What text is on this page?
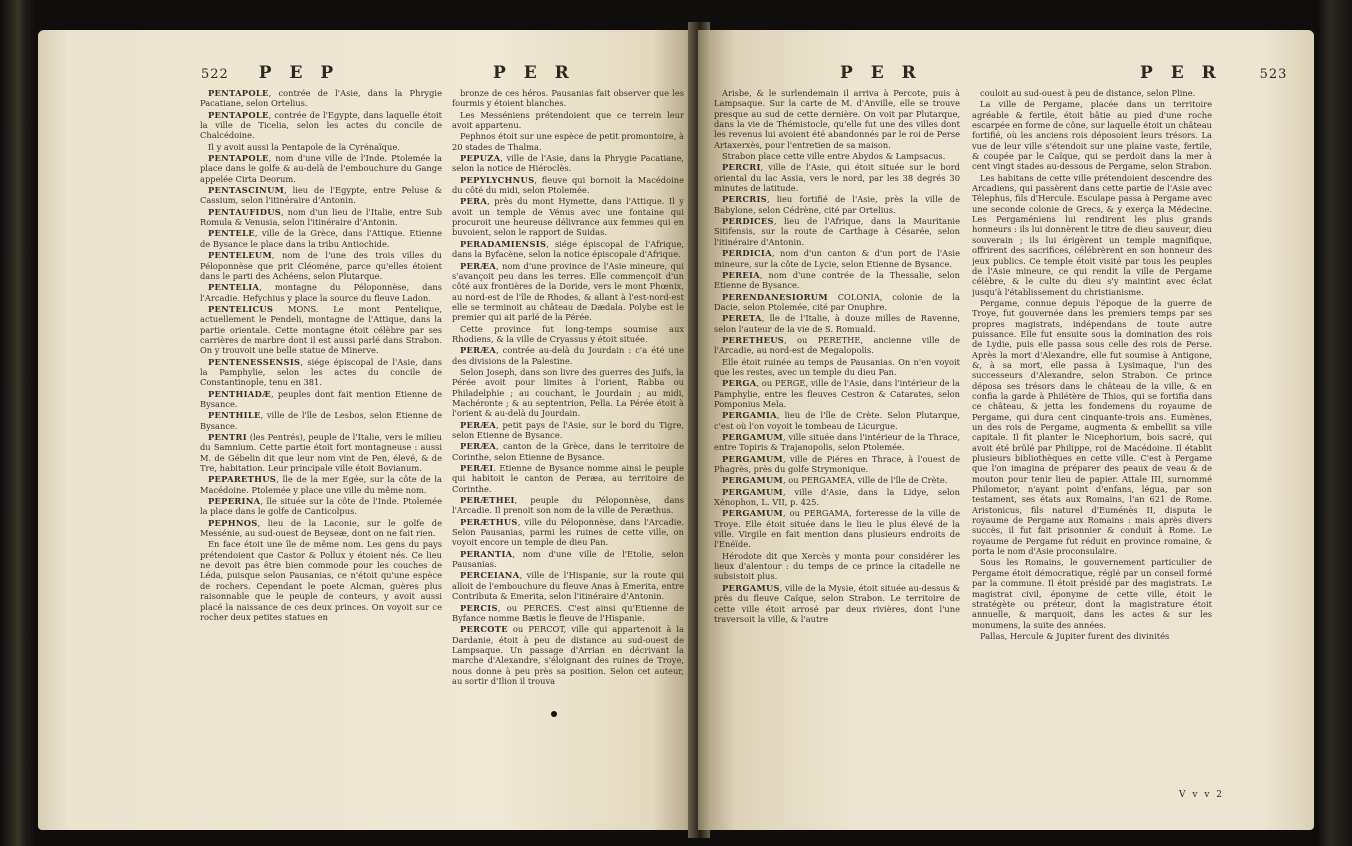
522 P E P	P E R

PENTAPOLE, contrée de l'Asie, dans la Phrygie Pacatiane, selon Ortelius.

PENTAPOLE, contrée de l'Egypte, dans laquelle étoit la ville de Ticelia, selon les actes du concile de Chalcédoine.

Il y avoit aussi la Pentapole de la Cyrénaïque.

PENTAPOLE, nom d'une ville de l'Inde. Ptolemée la place dans le golfe & au-delà de l'embouchure du Gange appelée Cirta Deorum.

PENTASCINUM, lieu de l'Egypte, entre Peluse & Cassium, selon l'itinéraire d'Antonin.

PENTAUFIDUS, nom d'un lieu de l'Italie, entre Sub Romula & Venusia, selon l'itinéraire d'Antonin.

PENTELE, ville de la Grèce, dans l'Attique. Etienne de Bysance le place dans la tribu Antiochide.

PENTELEUM, nom de l'une des trois villes du Péloponnèse que prit Cléoméne, parce qu'elles étoient dans le parti des Achéens, selon Plutarque.

PENTELIA, montagne du Péloponnèse, dans l'Arcadie. Hefychius y place la source du fleuve Ladon.

PENTELICUS MONS. Le mont Pentelique, actuellement le Pendeli, montagne de l'Attique, dans la partie orientale. Cette montagne étoit célèbre par ses carrières de marbre dont il est aussi parlé dans Strabon. On y trouvoit une belle statue de Minerve.

PENTENESSENSIS, siége épiscopal de l'Asie, dans la Pamphylie, selon les actes du concile de Constantinople, tenu en 381.

PENTHIADÆ, peuples dont fait mention Etienne de Bysance.

PENTHILE, ville de l'île de Lesbos, selon Etienne de Bysance.

PENTRI (les Pentrés), peuple de l'Italie, vers le milieu du Samnium. Cette partie étoit fort montagneuse : aussi M. de Gébelin dit que leur nom vint de Pen, élevé, & de Tre, habitation. Leur principale ville étoit Bovianum.

PEPARETHUS, île de la mer Egée, sur la côte de la Macédoine. Ptolemée y place une ville du même nom.

PEPERINA, île située sur la côte de l'Inde. Ptolemée la place dans le golfe de Canticolpus.

PEPHNOS, lieu de la Laconie, sur le golfe de Messénie, au sud-ouest de Beyseæ, dont on ne fait rien.

En face étoit une île de même nom. Les gens du pays prétendoient que Castor & Pollux y étoient nés. Ce lieu ne devoit pas être bien commode pour les couches de Léda, puisque selon Pausanias, ce n'étoit qu'une espèce de rochers. Cependant le poete Alcman, guères plus raisonnable que le peuple de conteurs, y avoit aussi placé la naissance de ces deux princes. On voyoit sur ce rocher deux petites statues en

bronze de ces héros. Pausanias fait observer que les fourmis y étoient blanches.

Les Messéniens prétendoient que ce terrein leur avoit appartenu.

Pephnos étoit sur une espèce de petit promontoire, à 20 stades de Thalma.

PEPUZA, ville de l'Asie, dans la Phrygie Pacatiane, selon la notice de Hiéroclès.

PEPYLYCHNUS, fleuve qui bornoit la Macédoine du côté du midi, selon Ptolemée.

PERA, près du mont Hymette, dans l'Attique. Il y avoit un temple de Vénus avec une fontaine qui procuroit une heureuse délivrance aux femmes qui en buvoient, selon le rapport de Suidas.

PERADAMIENSIS, siége épiscopal de l'Afrique, dans la Byfacène, selon la notice épiscopale d'Afrique.

PERÆA, nom d'une province de l'Asie mineure, qui s'avançoit peu dans les terres. Elle commençoit d'un côté aux frontières de la Doride, vers le mont Phœnix, au nord-est de l'île de Rhodes, & allant à l'est-nord-est elle se terminoit au château de Dædala. Polybe est le premier qui ait parlé de la Pérée.

Cette province fut long-temps soumise aux Rhodiens, & la ville de Cryassus y étoit située.

PERÆA, contrée au-delà du Jourdain : c'a été une des divisions de la Palestine.

Selon Joseph, dans son livre des guerres des Juifs, la Pérée avoit pour limites à l'orient, Rabba ou Philadelphie ; au couchant, le Jourdain ; au midi, Machéronte ; & au septentrion, Pella. La Pérée étoit à l'orient & au-delà du Jourdain.

PERÆA, petit pays de l'Asie, sur le bord du Tigre, selon Etienne de Bysance.

PERÆA, canton de la Grèce, dans le territoire de Corinthe, selon Etienne de Bysance.

PERÆI. Etienne de Bysance nomme ainsi le peuple qui habitoit le canton de Peræa, au territoire de Corinthe.

PERÆTHEI, peuple du Péloponnèse, dans l'Arcadie. Il prenoit son nom de la ville de Peræthus.

PERÆTHUS, ville du Péloponnèse, dans l'Arcadie. Selon Pausanias, parmi les ruines de cette ville, on voyoit encore un temple de dieu Pan.

PERANTIA, nom d'une ville de l'Etolie, selon Pausanias.

PERCEIANA, ville de l'Hispanie, sur la route qui alloit de l'embouchure du fleuve Anas à Emerita, entre Contributa & Emerita, selon l'itinéraire d'Antonin.

PERCIS, ou PERCES. C'est ainsi qu'Etienne de Byfance nomme Bætis le fleuve de l'Hispanie.

PERCOTE ou PERCOT, ville qui appartenoit à la Dardanie, étoit à peu de distance au sud-ouest de Lampsaque. Un passage d'Arrian en décrivant la marche d'Alexandre, s'éloignant des ruines de Troye, nous donne à peu près sa position. Selon cet auteur, au sortir d'Ilion il trouva

P E R	P E R	523

Arisbe, & le surlendemain il arriva à Percote, puis à Lampsaque. Sur la carte de M. d'Anville, elle se trouve presque au sud de cette dernière. On voit par Plutarque, dans la vie de Thémistocle, qu'elle fut une des villes dont les revenus lui avoient été abandonnés par le roi de Perse Artaxerxès, pour l'entretien de sa maison.

Strabon place cette ville entre Abydos & Lampsacus.

PERCRI, ville de l'Asie, qui étoit située sur le bord oriental du lac Assia, vers le nord, par les 38 degrés 30 minutes de latitude.

PERCRIS, lieu fortifié de l'Asie, près la ville de Babylone, selon Cédrène, cité par Ortelius.

PERDICES, lieu de l'Afrique, dans la Mauritanie Sitifensis, sur la route de Carthage à Césarée, selon l'itinéraire d'Antonin.

PERDICIA, nom d'un canton & d'un port de l'Asie mineure, sur la côte de Lycie, selon Etienne de Bysance.

PEREIA, nom d'une contrée de la Thessalie, selon Etienne de Bysance.

PERENDANESIORUM COLONIA, colonie de la Dacie, selon Ptolemée, cité par Onuphre.

PERETA, île de l'Italie, à douze milles de Ravenne, selon l'auteur de la vie de S. Romuald.

PERETHEUS, ou PERETHE, ancienne ville de l'Arcadie, au nord-est de Megalopolis.

Elle étoit ruinée au temps de Pausanias. On n'en voyoit que les restes, avec un temple du dieu Pan.

PERGA, ou PERGE, ville de l'Asie, dans l'intérieur de la Pamphylie, entre les fleuves Cestron & Catarates, selon Pomponius Mela.

PERGAMIA, lieu de l'île de Crète. Selon Plutarque, c'est où l'on voyoit le tombeau de Licurgue.

PERGAMUM, ville située dans l'intérieur de la Thrace, entre Topiris & Trajanopolis, selon Ptolemée.

PERGAMUM, ville de Piéres en Thrace, à l'ouest de Phagrès, près du golfe Strymonique.

PERGAMUM, ou PERGAMEA, ville de l'île de Crète.

PERGAMUM, ville d'Asie, dans la Lidye, selon Xénophon, L. VII, p. 425.

PERGAMUM, ou PERGAMA, forteresse de la ville de Troye. Elle étoit située dans le lieu le plus élevé de la ville. Virgile en fait mention dans plusieurs endroits de l'Enéïde.

Hérodote dit que Xercès y monta pour considérer les lieux d'alentour : du temps de ce prince la citadelle ne subsistoit plus.

PERGAMUS, ville de la Mysie, étoit située au-dessus & près du fleuve Caïque, selon Strabon. Le territoire de cette ville étoit arrosé par deux rivières, dont l'une traversoit la ville, & l'autre

couloit au sud-ouest à peu de distance, selon Pline.

La ville de Pergame, placée dans un territoire agréable & fertile, étoit bâtie au pied d'une roche escarpée en forme de cône, sur laquelle étoit un château fortifié, où les anciens rois déposoient leurs trésors. La vue de leur ville s'étendoit sur une plaine vaste, fertile, & coupée par le Caïque, qui se perdoit dans la mer à cent vingt stades au-dessous de Pergame, selon Strabon.

Les habitans de cette ville prétendoient descendre des Arcadiens, qui passèrent dans cette partie de l'Asie avec Télephus, fils d'Hercule. Esculape passa à Pergame avec une seconde colonie de Grecs, & y exerça la Médecine. Les Pergaméniens lui rendirent les plus grands honneurs : ils lui donnèrent le titre de dieu sauveur, dieu souverain ; ils lui érigèrent un temple magnifique, offrirent des sacrifices, célébrèrent en son honneur des jeux publics. Ce temple étoit visité par tous les peuples de l'Asie mineure, ce qui rendit la ville de Pergame célèbre, & le culte du dieu s'y maintint avec éclat jusqu'à l'établissement du christianisme.

Pergame, connue depuis l'époque de la guerre de Troye, fut gouvernée dans les premiers temps par ses propres magistrats, indépendans de toute autre puissance. Elle fut ensuite sous la domination des rois de Lydie, puis elle passa sous celle des rois de Perse. Après la mort d'Alexandre, elle fut soumise à Antigone, &, à sa mort, elle passa à Lysimaque, l'un des successeurs d'Alexandre, selon Strabon. Ce prince déposa ses trésors dans le château de la ville, & en confia la garde à Philétère de Thios, qui se fortifia dans ce château, & jetta les fondemens du royaume de Pergame, qui dura cent cinquante-trois ans. Eumènes, un des rois de Pergame, augmenta & embellit sa ville capitale. Il fit planter le Nicephorium, bois sacré, qui avoit été brûlé par Philippe, roi de Macédoine. Il établit plusieurs bibliothèques en cette ville. C'est à Pergame que l'on imagina de préparer des peaux de veau & de mouton pour tenir lieu de papier. Attale III, surnommé Philometor, n'ayant point d'enfans, légua, par son testament, ses états aux Romains, l'an 621 de Rome. Aristonicus, fils naturel d'Euménès II, disputa le royaume de Pergame aux Romains : mais après divers succès, il fut fait prisonnier & conduit à Rome. Le royaume de Pergame fut réduit en province romaine, & porta le nom d'Asie proconsulaire.

Sous les Romains, le gouvernement particulier de Pergame étoit démocratique, réglé par un conseil formé par la commune. Il étoit présidé par des magistrats. Le magistrat civil, éponyme de cette ville, étoit le stratégète ou préteur, dont la magistrature étoit annuelle, & marquoit, dans les actes & sur les monumens, la suite des années.

Pallas, Hercule & Jupiter furent des divinités

V v v 2
